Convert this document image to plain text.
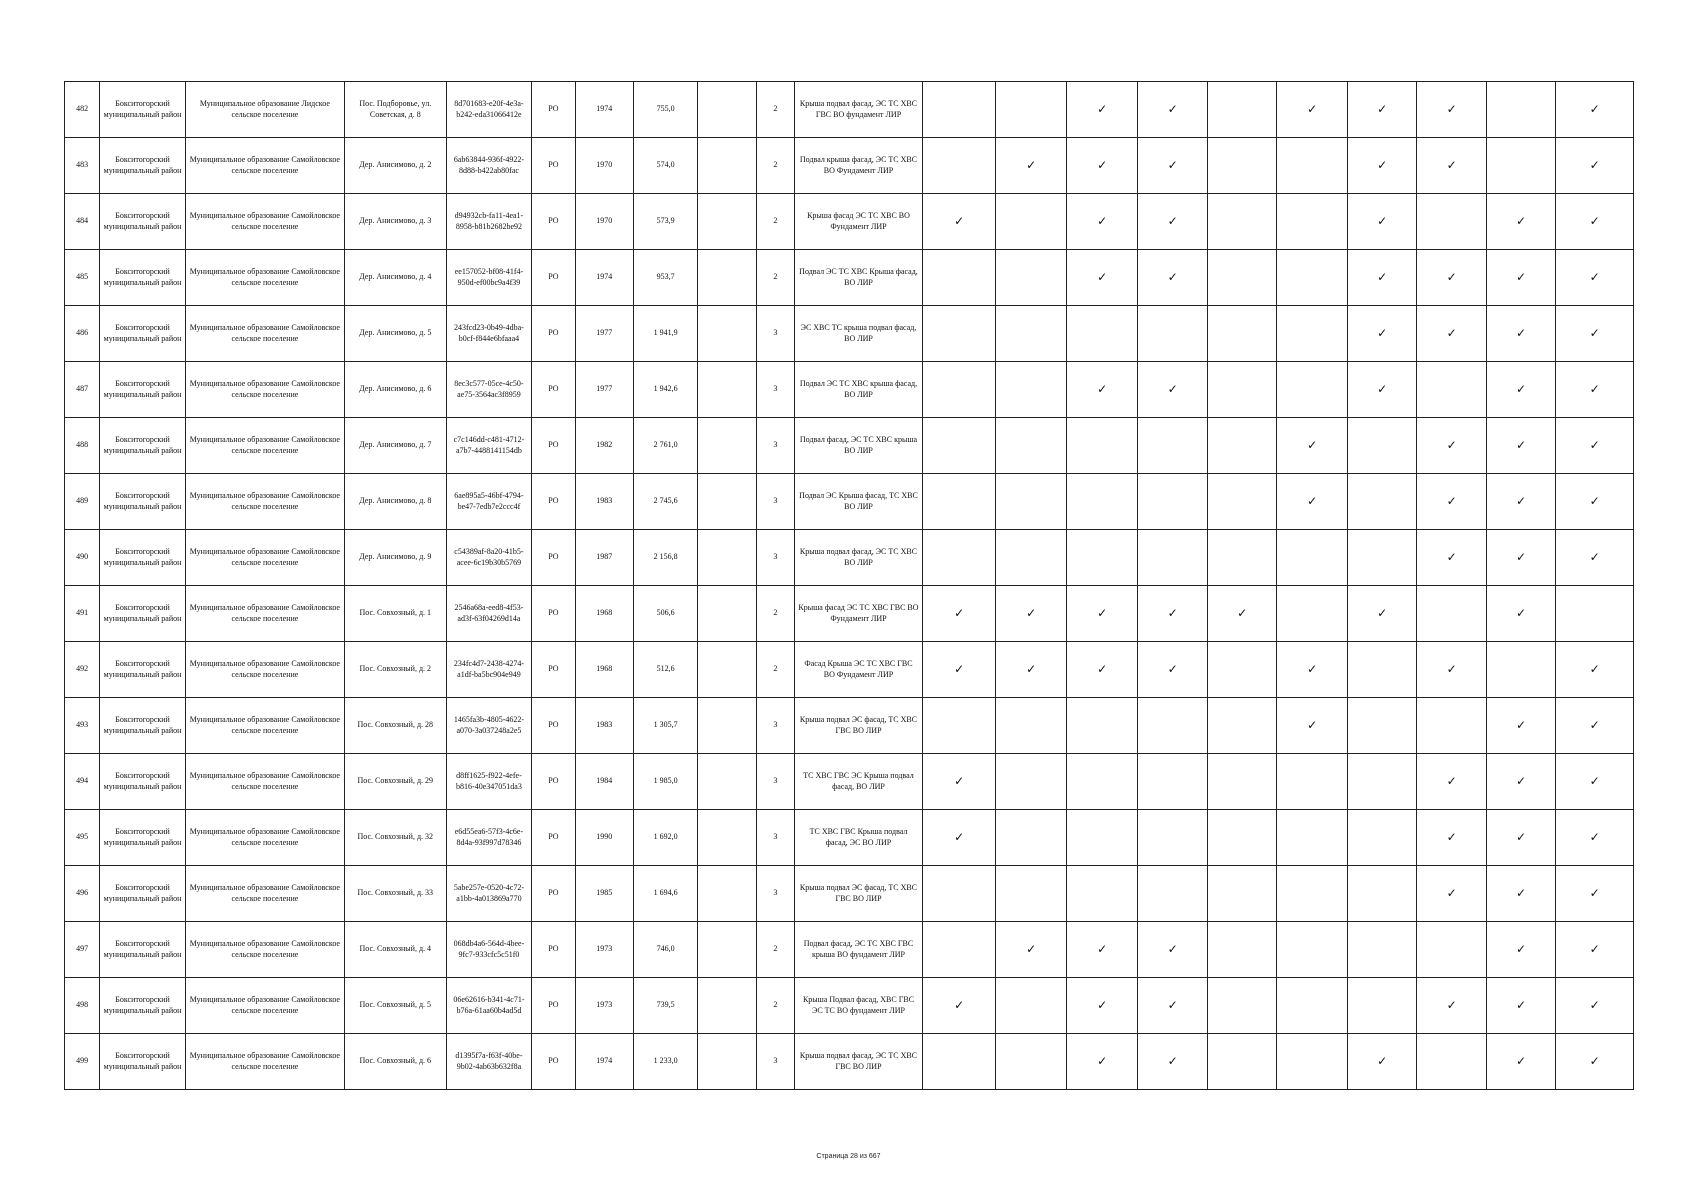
482	Бокситогорский муниципальный район	Муниципальное образование Лидское сельское поселение	Пос. Подборовье, ул. Советская, д. 8	8d701683-e20f-4e3a-b242-eda31066412e	РО	1974	755,0		2	Крыша подвал фасад, ЭС ТС ХВС ГВС ВО фундамент ЛИР			✓	✓		✓	✓	✓		✓
483	Бокситогорский муниципальный район	Муниципальное образование Самойловское сельское поселение	Дер. Анисимово, д. 2	6ab63844-936f-4922-8d88-b422ab80fac	РО	1970	574,0		2	Подвал крыша фасад, ЭС ТС ХВС ВО Фундамент ЛИР		✓	✓	✓			✓	✓		✓
484	Бокситогорский муниципальный район	Муниципальное образование Самойловское сельское поселение	Дер. Анисимово, д. 3	d94932cb-fa11-4ea1-8958-b81b2682be92	РО	1970	573,9		2	Крыша фасад ЭС ТС ХВС ВО Фундамент ЛИР	✓		✓	✓			✓		✓	✓
485	Бокситогорский муниципальный район	Муниципальное образование Самойловское сельское поселение	Дер. Анисимово, д. 4	ee157052-bf08-41f4-950d-ef00bc9a4f39	РО	1974	953,7		2	Подвал ЭС ТС ХВС Крыша фасад, ВО ЛИР			✓	✓			✓	✓	✓	✓
486	Бокситогорский муниципальный район	Муниципальное образование Самойловское сельское поселение	Дер. Анисимово, д. 5	243fcd23-0b49-4dba-b0cf-f844e6bfaaa4	РО	1977	1 941,9		3	ЭС ХВС ТС крыша подвал фасад, ВО ЛИР							✓	✓	✓	✓
487	Бокситогорский муниципальный район	Муниципальное образование Самойловское сельское поселение	Дер. Анисимово, д. 6	8ec3c577-05ce-4c50-ae75-3564ac3f8959	РО	1977	1 942,6		3	Подвал ЭС ТС ХВС крыша фасад, ВО ЛИР			✓	✓			✓		✓	✓
488	Бокситогорский муниципальный район	Муниципальное образование Самойловское сельское поселение	Дер. Анисимово, д. 7	c7c146dd-c481-4712-a7b7-4488141154db	РО	1982	2 761,0		3	Подвал фасад, ЭС ТС ХВС крыша ВО ЛИР						✓		✓	✓	✓
489	Бокситогорский муниципальный район	Муниципальное образование Самойловское сельское поселение	Дер. Анисимово, д. 8	6ae895a5-46bf-4794-be47-7edb7e2ccc4f	РО	1983	2 745,6		3	Подвал ЭС Крыша фасад, ТС ХВС ВО ЛИР						✓		✓	✓	✓
490	Бокситогорский муниципальный район	Муниципальное образование Самойловское сельское поселение	Дер. Анисимово, д. 9	c54389af-8a20-41b5-acee-6c19b30b5769	РО	1987	2 156,8		3	Крыша подвал фасад, ЭС ТС ХВС ВО ЛИР								✓	✓	✓
491	Бокситогорский муниципальный район	Муниципальное образование Самойловское сельское поселение	Пос. Совхозный, д. 1	2546a68a-eed8-4f53-ad3f-63f04269d14a	РО	1968	506,6		2	Крыша фасад ЭС ТС ХВС ГВС ВО Фундамент ЛИР	✓	✓	✓	✓	✓		✓		✓	
492	Бокситогорский муниципальный район	Муниципальное образование Самойловское сельское поселение	Пос. Совхозный, д. 2	234fc4d7-2438-4274-a1df-ba5bc904e949	РО	1968	512,6		2	Фасад Крыша ЭС ТС ХВС ГВС ВО Фундамент ЛИР	✓	✓	✓	✓		✓		✓		✓
493	Бокситогорский муниципальный район	Муниципальное образование Самойловское сельское поселение	Пос. Совхозный, д. 28	1465fa3b-4805-4622-a070-3a037248a2e5	РО	1983	1 305,7		3	Крыша подвал ЭС фасад, ТС ХВС ГВС ВО ЛИР						✓			✓	✓
494	Бокситогорский муниципальный район	Муниципальное образование Самойловское сельское поселение	Пос. Совхозный, д. 29	d8ff1625-f922-4efe-b816-40e347051da3	РО	1984	1 985,0		3	ТС ХВС ГВС ЭС Крыша подвал фасад, ВО ЛИР	✓							✓	✓	✓
495	Бокситогорский муниципальный район	Муниципальное образование Самойловское сельское поселение	Пос. Совхозный, д. 32	e6d55ea6-57f3-4c6e-8d4a-93f997d78346	РО	1990	1 692,0		3	ТС ХВС ГВС Крыша подвал фасад, ЭС ВО ЛИР	✓							✓	✓	✓
496	Бокситогорский муниципальный район	Муниципальное образование Самойловское сельское поселение	Пос. Совхозный, д. 33	5abe257e-0520-4c72-a1bb-4a013869a770	РО	1985	1 694,6		3	Крыша подвал ЭС фасад, ТС ХВС ГВС ВО ЛИР								✓	✓	✓
497	Бокситогорский муниципальный район	Муниципальное образование Самойловское сельское поселение	Пос. Совхозный, д. 4	068db4a6-564d-4bee-9fc7-933cfc5c51f0	РО	1973	746,0		2	Подвал фасад, ЭС ТС ХВС ГВС крыша ВО фундамент ЛИР		✓	✓	✓					✓	✓
498	Бокситогорский муниципальный район	Муниципальное образование Самойловское сельское поселение	Пос. Совхозный, д. 5	06e62616-b341-4c71-b76a-61aa60b4ad5d	РО	1973	739,5		2	Крыша Подвал фасад, ХВС ГВС ЭС ТС ВО фундамент ЛИР	✓		✓	✓				✓	✓	✓
499	Бокситогорский муниципальный район	Муниципальное образование Самойловское сельское поселение	Пос. Совхозный, д. 6	d1395f7a-f63f-40be-9b02-4ab63b632f8a	РО	1974	1 233,0		3	Крыша подвал фасад, ЭС ТС ХВС ГВС ВО ЛИР			✓	✓			✓		✓	✓
Страница 28 из 667
